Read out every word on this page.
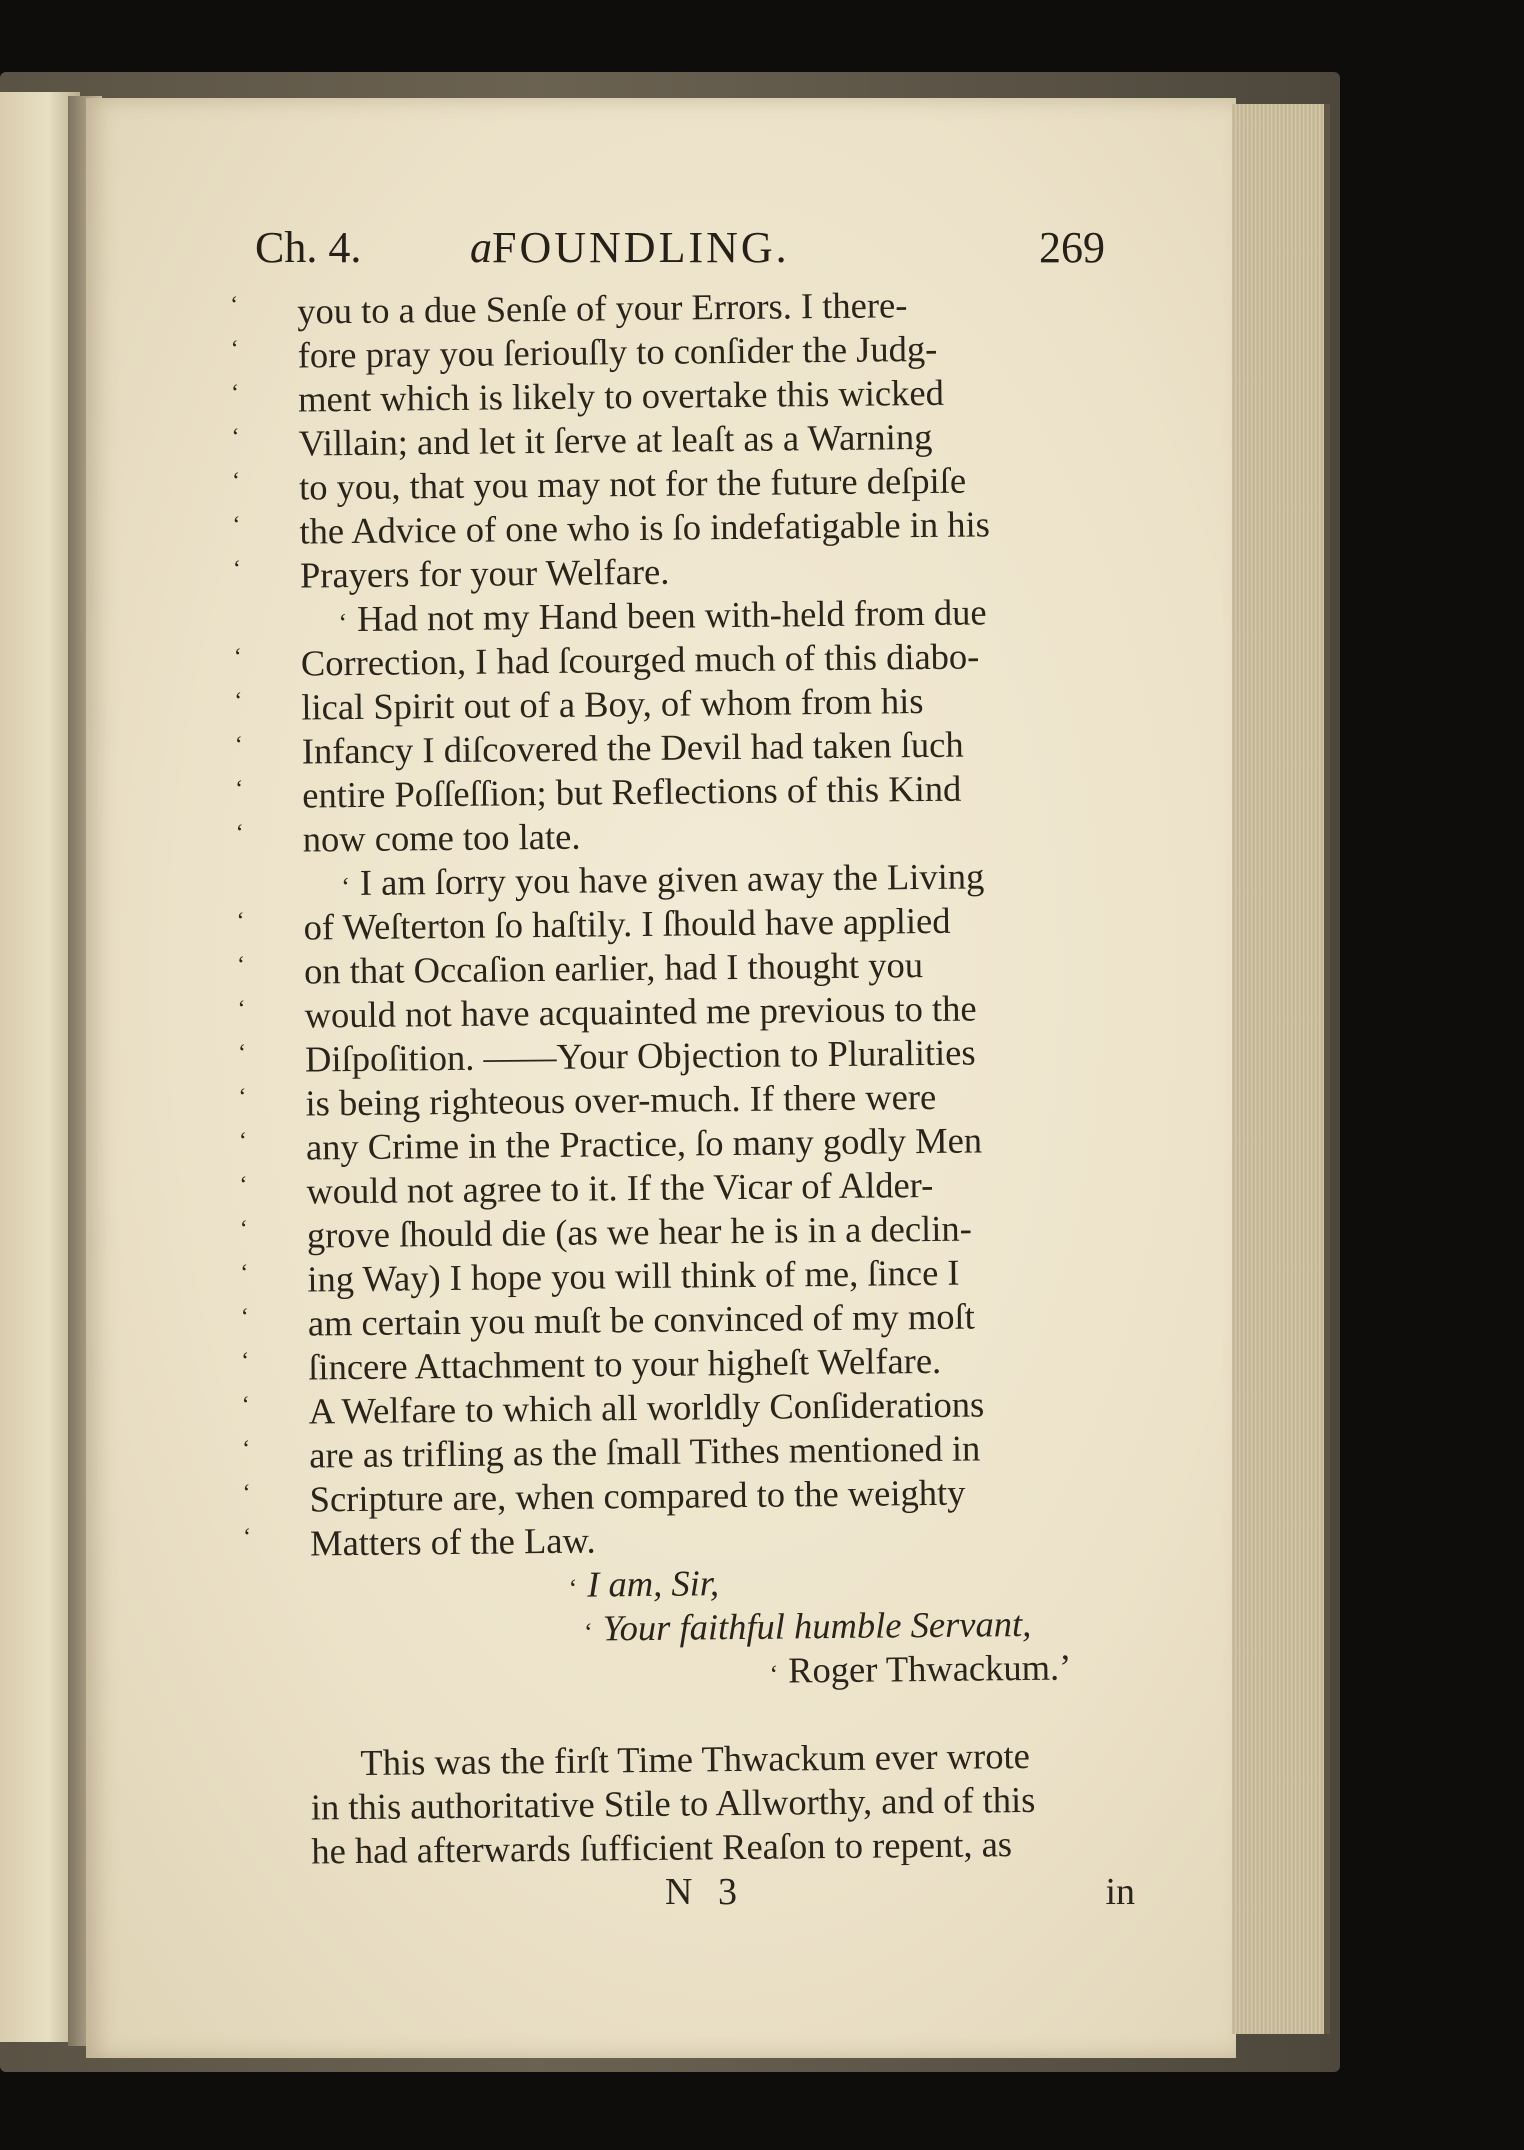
Ch. 4. aFOUNDLING.	269
‘ you to a due Senſe of your Errors. I there-
‘ fore pray you ſeriouſly to conſider the Judg-
‘ ment which is likely to overtake this wicked
‘ Villain; and let it ſerve at leaſt as a Warning
‘ to you, that you may not for the future deſpiſe
‘ the Advice of one who is ſo indefatigable in his
‘ Prayers for your Welfare.
‘ Had not my Hand been with-held from due
‘ Correction, I had ſcourged much of this diabo-
‘ lical Spirit out of a Boy, of whom from his
‘ Infancy I diſcovered the Devil had taken ſuch
‘ entire Poſſeſſion; but Reflections of this Kind
‘ now come too late.
‘ I am ſorry you have given away the Living
‘ of Weſterton ſo haſtily. I ſhould have applied
‘ on that Occaſion earlier, had I thought you
‘ would not have acquainted me previous to the
‘ Diſpoſition. ——Your Objection to Pluralities
‘ is being righteous over-much. If there were
‘ any Crime in the Practice, ſo many godly Men
‘ would not agree to it. If the Vicar of Alder-
‘ grove ſhould die (as we hear he is in a declin-
‘ ing Way) I hope you will think of me, ſince I
‘ am certain you muſt be convinced of my moſt
‘ ſincere Attachment to your higheſt Welfare.
‘ A Welfare to which all worldly Conſiderations
‘ are as trifling as the ſmall Tithes mentioned in
‘ Scripture are, when compared to the weighty
‘ Matters of the Law.
‘ I am, Sir,
‘ Your faithful humble Servant,
‘ Roger Thwackum.’
This was the firſt Time Thwackum ever wrote
in this authoritative Stile to Allworthy, and of this
he had afterwards ſufficient Reaſon to repent, as
N 3	in
